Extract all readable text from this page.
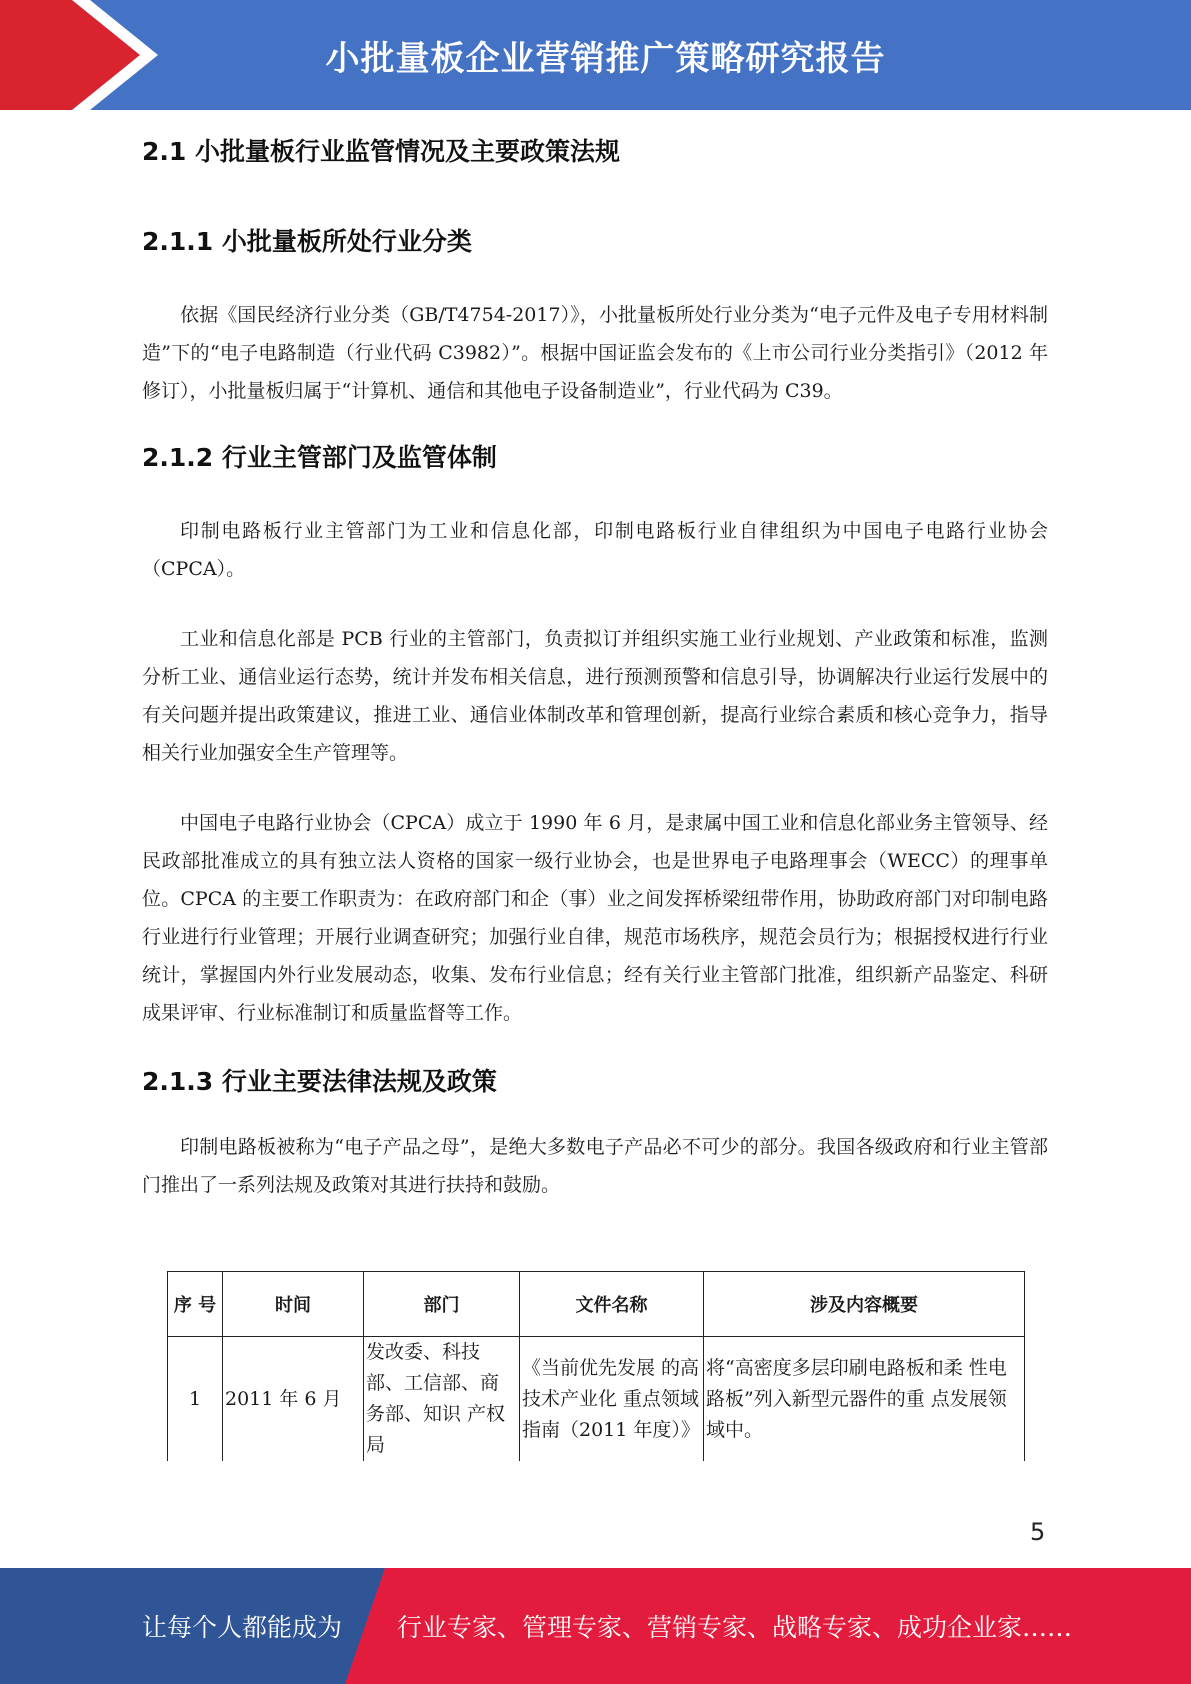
小批量板企业营销推广策略研究报告
2.1 小批量板行业监管情况及主要政策法规
2.1.1 小批量板所处行业分类

依据《国民经济行业分类（GB/T4754-2017）》，小批量板所处行业分类为“电子元件及电子专用材料制造”下的“电子电路制造（行业代码 C3982）”。根据中国证监会发布的《上市公司行业分类指引》（2012 年修订），小批量板归属于“计算机、通信和其他电子设备制造业”，行业代码为 C39。

2.1.2 行业主管部门及监管体制

印制电路板行业主管部门为工业和信息化部，印制电路板行业自律组织为中国电子电路行业协会（CPCA）。

工业和信息化部是 PCB 行业的主管部门，负责拟订并组织实施工业行业规划、产业政策和标准，监测分析工业、通信业运行态势，统计并发布相关信息，进行预测预警和信息引导，协调解决行业运行发展中的有关问题并提出政策建议，推进工业、通信业体制改革和管理创新，提高行业综合素质和核心竞争力，指导相关行业加强安全生产管理等。

中国电子电路行业协会（CPCA）成立于 1990 年 6 月，是隶属中国工业和信息化部业务主管领导、经民政部批准成立的具有独立法人资格的国家一级行业协会，也是世界电子电路理事会（WECC）的理事单位。CPCA 的主要工作职责为：在政府部门和企（事）业之间发挥桥梁纽带作用，协助政府部门对印制电路行业进行行业管理；开展行业调查研究；加强行业自律，规范市场秩序，规范会员行为；根据授权进行行业统计，掌握国内外行业发展动态，收集、发布行业信息；经有关行业主管部门批准，组织新产品鉴定、科研成果评审、行业标准制订和质量监督等工作。

2.1.3 行业主要法律法规及政策

印制电路板被称为“电子产品之母”，是绝大多数电子产品必不可少的部分。我国各级政府和行业主管部门推出了一系列法规及政策对其进行扶持和鼓励。

序 号	时间	部门	文件名称	涉及内容概要
1	2011 年 6 月	发改委、科技部、工信部、商务部、知识 产权局	《当前优先发展 的高技术产业化 重点领域指南（2011 年度）》	将“高密度多层印刷电路板和柔 性电路板”列入新型元器件的重 点发展领域中。
5
让每个人都能成为 行业专家、管理专家、营销专家、战略专家、成功企业家……
